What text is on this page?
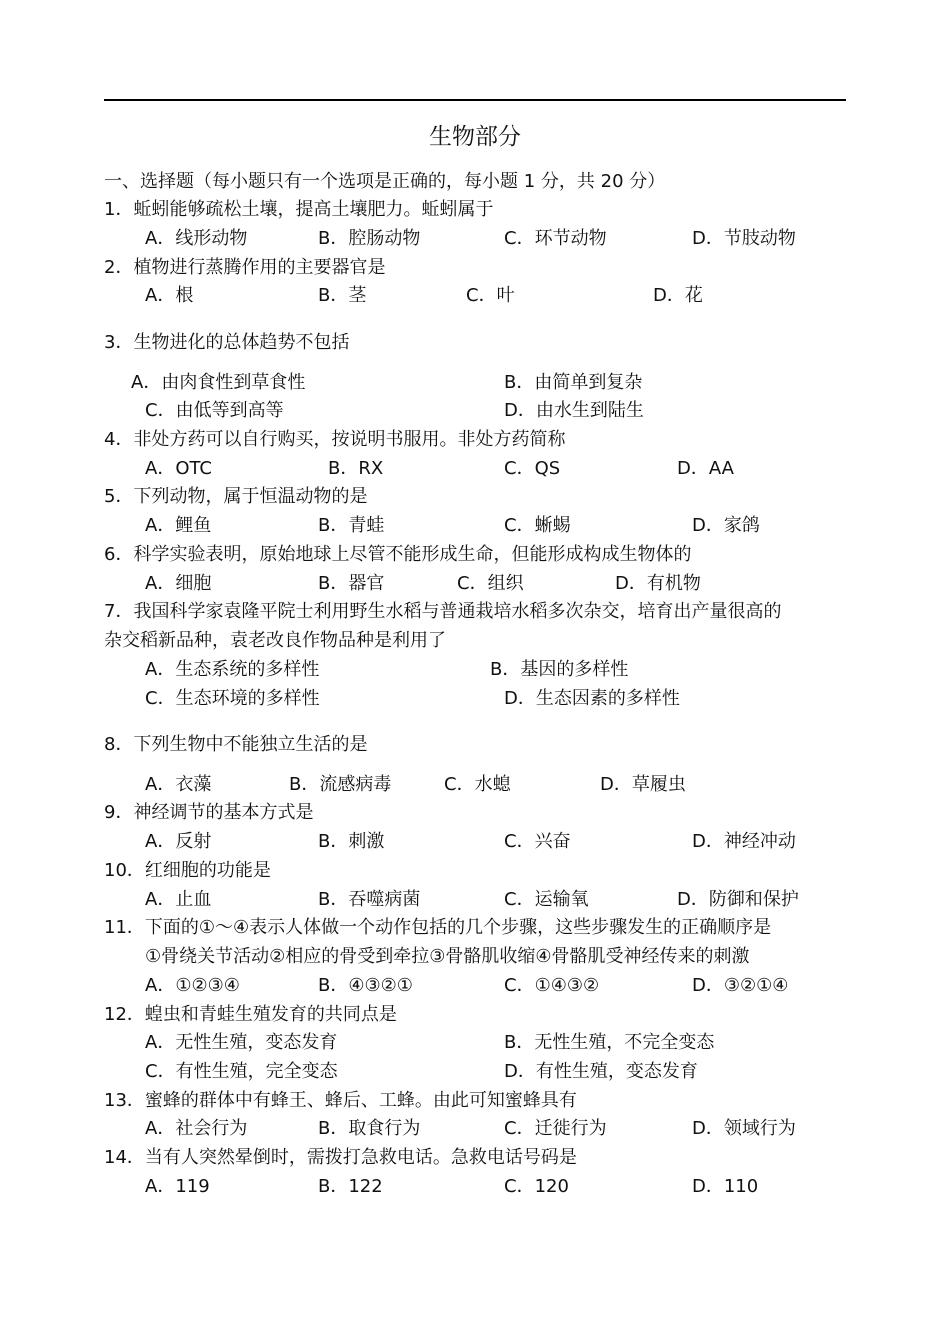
生物部分
一、选择题（每小题只有一个选项是正确的，每小题 1 分，共 20 分）
1．蚯蚓能够疏松土壤，提高土壤肥力。蚯蚓属于
A．线形动物	B．腔肠动物	C．环节动物	D．节肢动物
2．植物进行蒸腾作用的主要器官是
A．根	B．茎	C．叶	D．花
3．生物进化的总体趋势不包括
A．由肉食性到草食性	B．由简单到复杂
C．由低等到高等	D．由水生到陆生
4．非处方药可以自行购买，按说明书服用。非处方药简称
A．OTC	B．RX	C．QS	D．AA
5．下列动物，属于恒温动物的是
A．鲤鱼	B．青蛙	C．蜥蜴	D．家鸽
6．科学实验表明，原始地球上尽管不能形成生命，但能形成构成生物体的
A．细胞	B．器官	C．组织	D．有机物
7．我国科学家袁隆平院士利用野生水稻与普通栽培水稻多次杂交，培育出产量很高的
杂交稻新品种，袁老改良作物品种是利用了
A．生态系统的多样性	B．基因的多样性
C．生态环境的多样性	D．生态因素的多样性
8．下列生物中不能独立生活的是
A．衣藻	B．流感病毒	C．水螅	D．草履虫
9．神经调节的基本方式是
A．反射	B．刺激	C．兴奋	D．神经冲动
10．红细胞的功能是
A．止血	B．吞噬病菌	C．运输氧	D．防御和保护
11．下面的①～④表示人体做一个动作包括的几个步骤，这些步骤发生的正确顺序是
①骨绕关节活动②相应的骨受到牵拉③骨骼肌收缩④骨骼肌受神经传来的刺激
A．①②③④	B．④③②①	C．①④③②	D．③②①④
12．蝗虫和青蛙生殖发育的共同点是
A．无性生殖，变态发育	B．无性生殖，不完全变态
C．有性生殖，完全变态	D．有性生殖，变态发育
13．蜜蜂的群体中有蜂王、蜂后、工蜂。由此可知蜜蜂具有
A．社会行为	B．取食行为	C．迁徙行为	D．领域行为
14．当有人突然晕倒时，需拨打急救电话。急救电话号码是
A．119	B．122	C．120	D．110
